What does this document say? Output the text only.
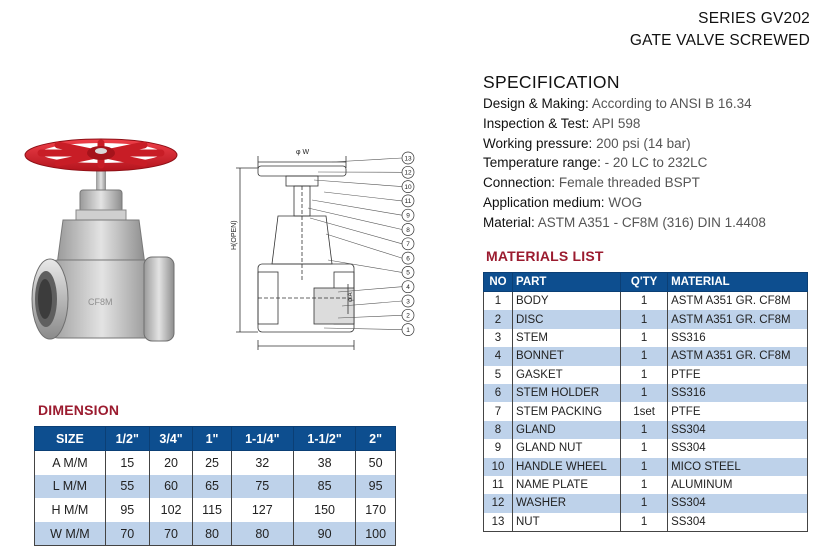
SERIES GV202
GATE VALVE SCREWED
CF8M
φ W
H(OPEN)
φ A
13
12
10
11
9
8
7
6
5
4
3
2
1
SPECIFICATION
Design & Making: According to ANSI B 16.34
Inspection & Test: API 598
Working pressure: 200 psi (14 bar)
Temperature range: - 20 LC to 232LC
Connection: Female threaded BSPT
Application medium: WOG
Material: ASTM A351 - CF8M (316) DIN 1.4408
MATERIALS LIST
NO	PART	Q'TY	MATERIAL
1	BODY	1	ASTM A351 GR. CF8M
2	DISC	1	ASTM A351 GR. CF8M
3	STEM	1	SS316
4	BONNET	1	ASTM A351 GR. CF8M
5	GASKET	1	PTFE
6	STEM HOLDER	1	SS316
7	STEM PACKING	1set	PTFE
8	GLAND	1	SS304
9	GLAND NUT	1	SS304
10	HANDLE WHEEL	1	MICO STEEL
11	NAME PLATE	1	ALUMINUM
12	WASHER	1	SS304
13	NUT	1	SS304
DIMENSION
SIZE	1/2"	3/4"	1"	1-1/4"	1-1/2"	2"
A M/M	15	20	25	32	38	50
L M/M	55	60	65	75	85	95
H M/M	95	102	115	127	150	170
W M/M	70	70	80	80	90	100
